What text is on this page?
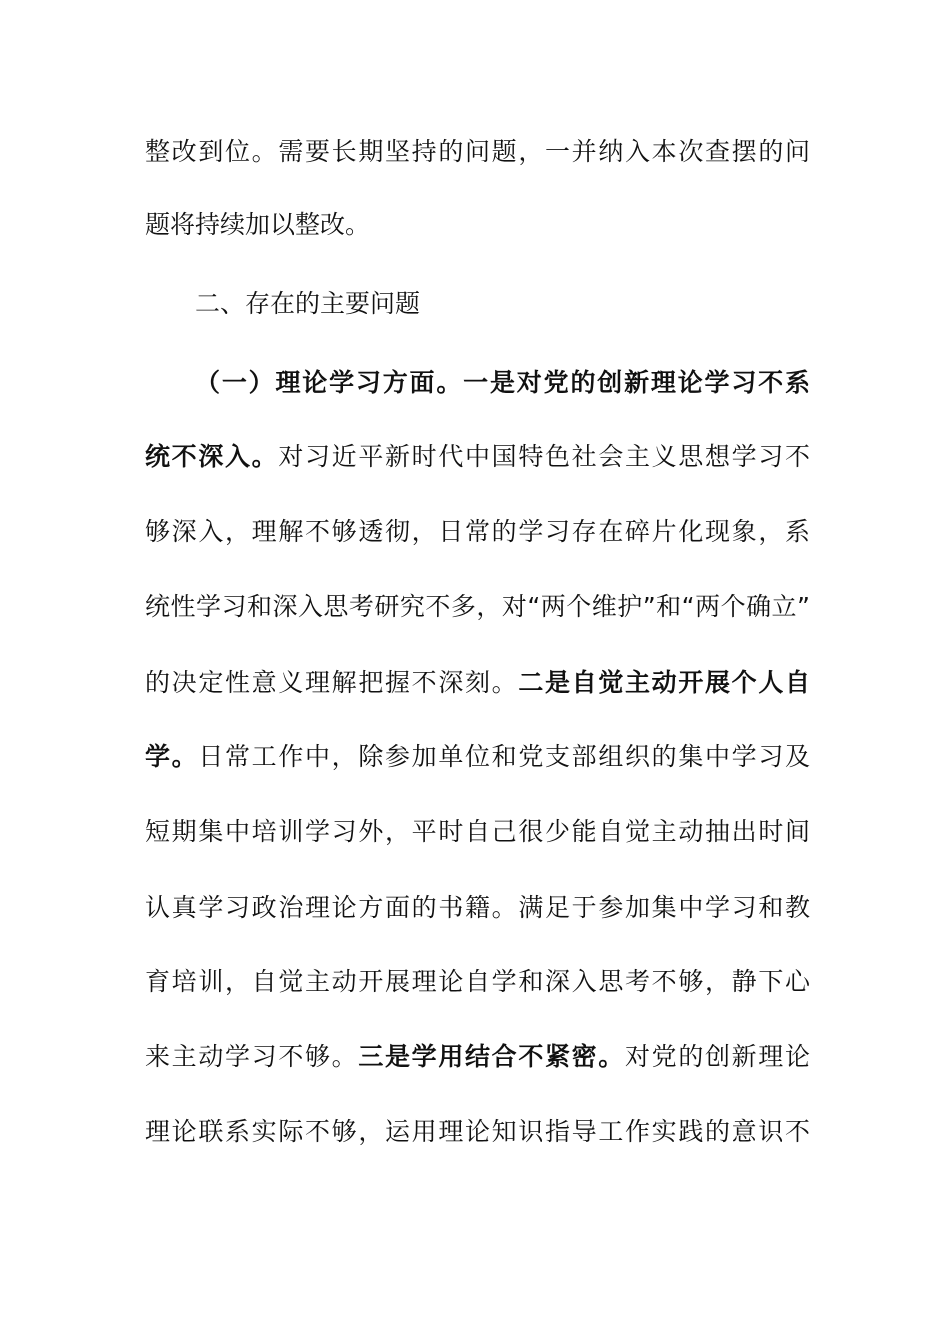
整改到位。需要长期坚持的问题，一并纳入本次查摆的问
题将持续加以整改。
二、存在的主要问题
（一）理论学习方面。一是对党的创新理论学习不系
统不深入。对习近平新时代中国特色社会主义思想学习不
够深入，理解不够透彻，日常的学习存在碎片化现象，系
统性学习和深入思考研究不多，对“两个维护”和“两个确立”
的决定性意义理解把握不深刻。二是自觉主动开展个人自
学。日常工作中，除参加单位和党支部组织的集中学习及
短期集中培训学习外，平时自己很少能自觉主动抽出时间
认真学习政治理论方面的书籍。满足于参加集中学习和教
育培训，自觉主动开展理论自学和深入思考不够，静下心
来主动学习不够。三是学用结合不紧密。对党的创新理论
理论联系实际不够，运用理论知识指导工作实践的意识不
